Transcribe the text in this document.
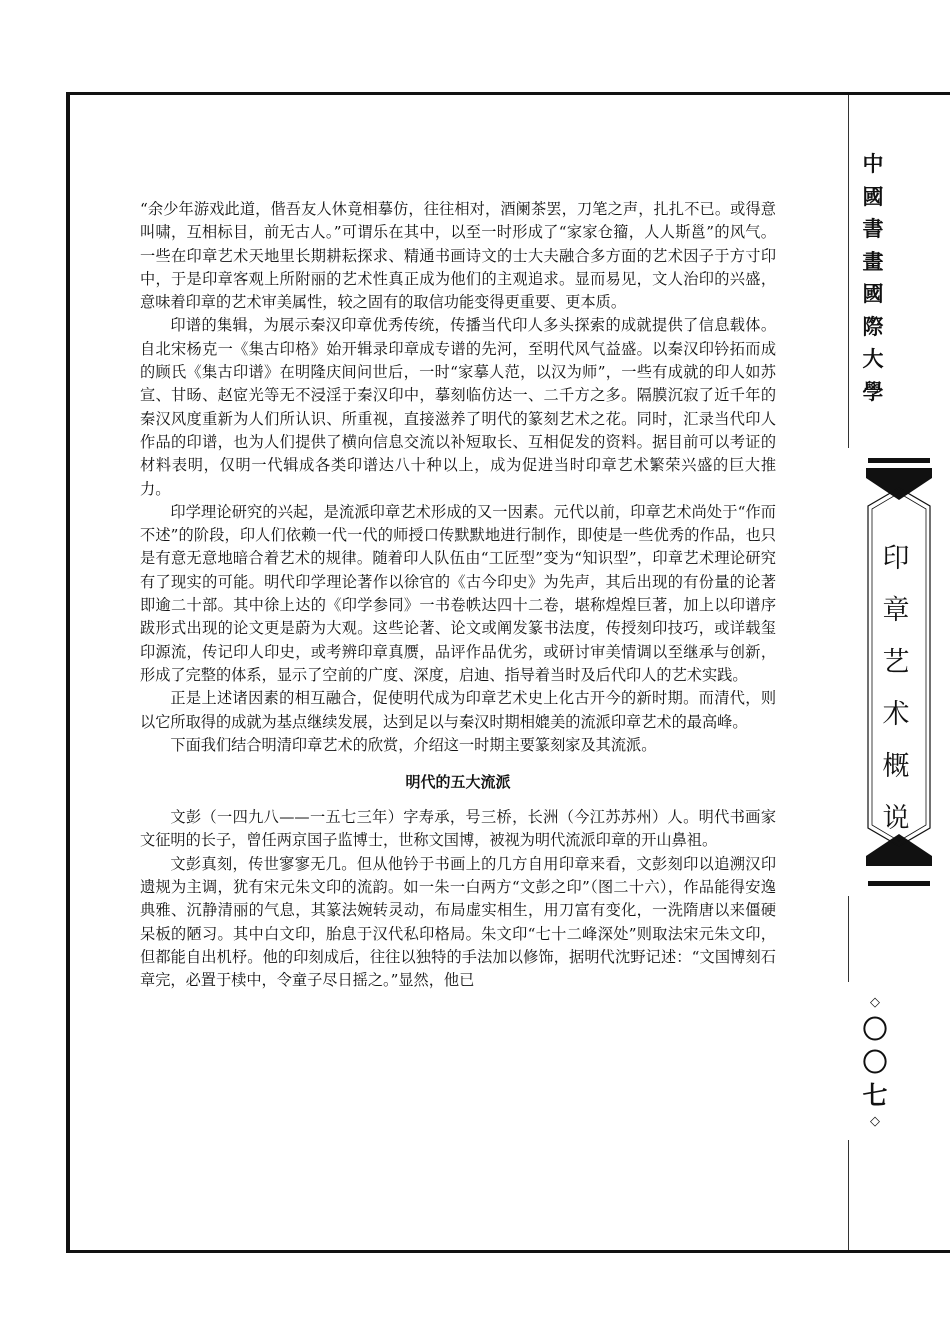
“余少年游戏此道，偕吾友人休竟相摹仿，往往相对，酒阑茶罢，刀笔之声，扎扎不已。或得意叫啸，互相标目，前无古人。”可谓乐在其中，以至一时形成了“家家仓籀，人人斯邕”的风气。一些在印章艺术天地里长期耕耘探求、精通书画诗文的士大夫融合多方面的艺术因子于方寸印中，于是印章客观上所附丽的艺术性真正成为他们的主观追求。显而易见，文人治印的兴盛，意味着印章的艺术审美属性，较之固有的取信功能变得更重要、更本质。

印谱的集辑，为展示秦汉印章优秀传统，传播当代印人多头探索的成就提供了信息载体。自北宋杨克一《集古印格》始开辑录印章成专谱的先河，至明代风气益盛。以秦汉印钤拓而成的顾氏《集古印谱》在明隆庆间问世后，一时“家摹人范，以汉为师”，一些有成就的印人如苏宣、甘旸、赵宧光等无不浸淫于秦汉印中，摹刻临仿达一、二千方之多。隔膜沉寂了近千年的秦汉风度重新为人们所认识、所重视，直接滋养了明代的篆刻艺术之花。同时，汇录当代印人作品的印谱，也为人们提供了横向信息交流以补短取长、互相促发的资料。据目前可以考证的材料表明，仅明一代辑成各类印谱达八十种以上，成为促进当时印章艺术繁荣兴盛的巨大推力。

印学理论研究的兴起，是流派印章艺术形成的又一因素。元代以前，印章艺术尚处于“作而不述”的阶段，印人们依赖一代一代的师授口传默默地进行制作，即使是一些优秀的作品，也只是有意无意地暗合着艺术的规律。随着印人队伍由“工匠型”变为“知识型”，印章艺术理论研究有了现实的可能。明代印学理论著作以徐官的《古今印史》为先声，其后出现的有份量的论著即逾二十部。其中徐上达的《印学参同》一书卷帙达四十二卷，堪称煌煌巨著，加上以印谱序跋形式出现的论文更是蔚为大观。这些论著、论文或阐发篆书法度，传授刻印技巧，或详载玺印源流，传记印人印史，或考辨印章真赝，品评作品优劣，或研讨审美情调以至继承与创新，形成了完整的体系，显示了空前的广度、深度，启迪、指导着当时及后代印人的艺术实践。

正是上述诸因素的相互融合，促使明代成为印章艺术史上化古开今的新时期。而清代，则以它所取得的成就为基点继续发展，达到足以与秦汉时期相媲美的流派印章艺术的最高峰。

下面我们结合明清印章艺术的欣赏，介绍这一时期主要篆刻家及其流派。

明代的五大流派

文彭（一四九八——一五七三年）字寿承，号三桥，长洲（今江苏苏州）人。明代书画家文征明的长子，曾任两京国子监博士，世称文国博，被视为明代流派印章的开山鼻祖。

文彭真刻，传世寥寥无几。但从他钤于书画上的几方自用印章来看，文彭刻印以追溯汉印遗规为主调，犹有宋元朱文印的流韵。如一朱一白两方“文彭之印”（图二十六），作品能得安逸典雅、沉静清丽的气息，其篆法婉转灵动，布局虚实相生，用刀富有变化，一洗隋唐以来僵硬呆板的陋习。其中白文印，胎息于汉代私印格局。朱文印“七十二峰深处”则取法宋元朱文印，但都能自出机杼。他的印刻成后，往往以独特的手法加以修饰，据明代沈野记述：“文国博刻石章完，必置于椟中，令童子尽日摇之。”显然，他已

中
國
書
畫
國
際
大
學
印
章
艺
术
概
说
◇
〇
〇
七
◇
